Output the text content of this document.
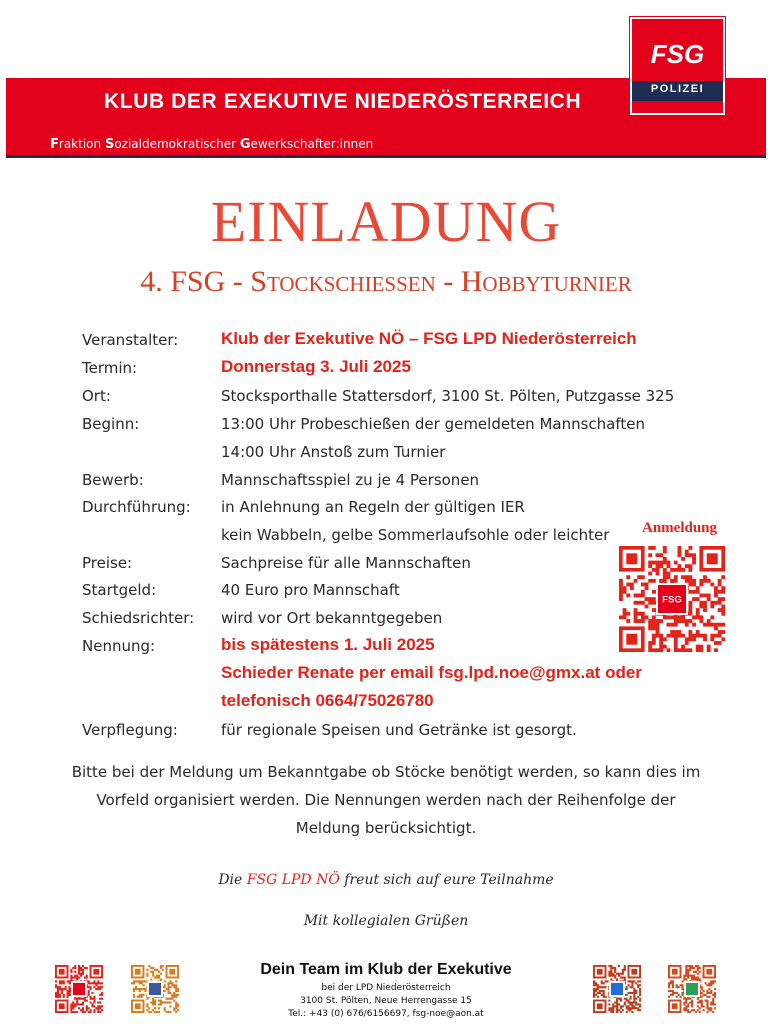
KLUB DER EXEKUTIVE NIEDERÖSTERREICH
Fraktion Sozialdemokratischer Gewerkschafter:innen
FSG
POLIZEI
EINLADUNG
4. FSG - Stockschiessen - Hobbyturnier
Veranstalter:	Klub der Exekutive NÖ – FSG LPD Niederösterreich
Termin:	Donnerstag 3. Juli 2025
Ort:	Stocksporthalle Stattersdorf, 3100 St. Pölten, Putzgasse 325
Beginn:	13:00 Uhr Probeschießen der gemeldeten Mannschaften
14:00 Uhr Anstoß zum Turnier
Bewerb:	Mannschaftsspiel zu je 4 Personen
Durchführung: in Anlehnung an Regeln der gültigen IER
kein Wabbeln, gelbe Sommerlaufsohle oder leichter
Preise:	Sachpreise für alle Mannschaften
Startgeld:	40 Euro pro Mannschaft
Schiedsrichter: wird vor Ort bekanntgegeben
Nennung:	bis spätestens 1. Juli 2025
Schieder Renate per email fsg.lpd.noe@gmx.at oder
telefonisch 0664/75026780
Verpflegung:	für regionale Speisen und Getränke ist gesorgt.
Anmeldung
FSG
Bitte bei der Meldung um Bekanntgabe ob Stöcke benötigt werden, so kann dies im
Vorfeld organisiert werden. Die Nennungen werden nach der Reihenfolge der
Meldung berücksichtigt.
Die FSG LPD NÖ freut sich auf eure Teilnahme
Mit kollegialen Grüßen
Dein Team im Klub der Exekutive
bei der LPD Niederösterreich
3100 St. Pölten, Neue Herrengasse 15
Tel.: +43 (0) 676/6156697, fsg-noe@aon.at
